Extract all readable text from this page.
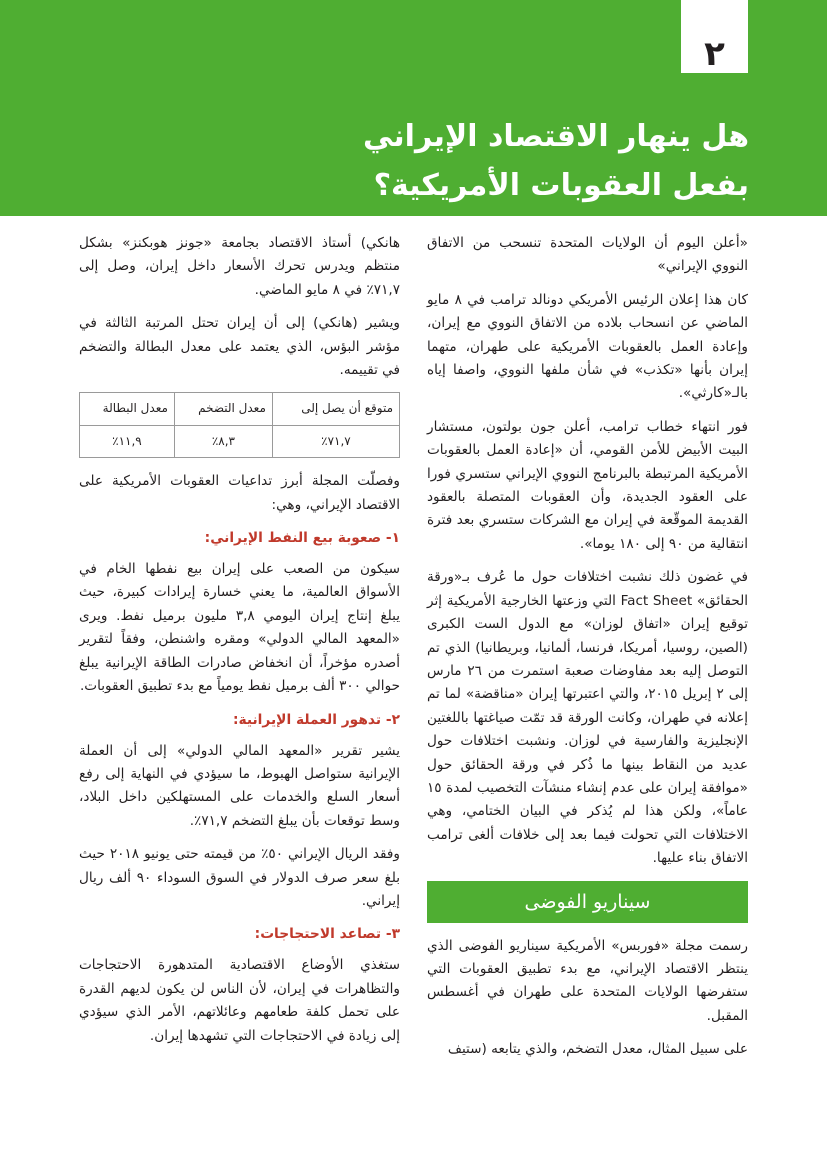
٢
هل ينهار الاقتصاد الإيراني
بفعل العقوبات الأمريكية؟

«أعلن اليوم أن الولايات المتحدة تنسحب من الاتفاق النووي الإيراني»

كان هذا إعلان الرئيس الأمريكي دونالد ترامب في ٨ مايو الماضي عن انسحاب بلاده من الاتفاق النووي مع إيران، وإعادة العمل بالعقوبات الأمريكية على طهران، متهما إيران بأنها «تكذب» في شأن ملفها النووي، واصفا إياه بالـ«كارثي».

فور انتهاء خطاب ترامب، أعلن جون بولتون، مستشار البيت الأبيض للأمن القومي، أن «إعادة العمل بالعقوبات الأمريكية المرتبطة بالبرنامج النووي الإيراني ستسري فورا على العقود الجديدة، وأن العقوبات المتصلة بالعقود القديمة الموقّعة في إيران مع الشركات ستسري بعد فترة انتقالية من ٩٠ إلى ١٨٠ يوما».

في غضون ذلك نشبت اختلافات حول ما عُرف بـ«ورقة الحقائق» Fact Sheet التي وزعتها الخارجية الأمريكية إثر توقيع إيران «اتفاق لوزان» مع الدول الست الكبرى (الصين، روسيا، أمريكا، فرنسا، ألمانيا، وبريطانيا) الذي تم التوصل إليه بعد مفاوضات صعبة استمرت من ٢٦ مارس إلى ٢ إبريل ٢٠١٥، والتي اعتبرتها إيران «مناقضة» لما تم إعلانه في طهران، وكانت الورقة قد تمّت صياغتها باللغتين الإنجليزية والفارسية في لوزان. ونشبت اختلافات حول عديد من النقاط بينها ما ذُكر في ورقة الحقائق حول «موافقة إيران على عدم إنشاء منشآت التخصيب لمدة ١٥ عاماً»، ولكن هذا لم يُذكر في البيان الختامي، وهي الاختلافات التي تحولت فيما بعد إلى خلافات ألغى ترامب الاتفاق بناء عليها.

سيناريو الفوضى

رسمت مجلة «فوربس» الأمريكية سيناريو الفوضى الذي ينتظر الاقتصاد الإيراني، مع بدء تطبيق العقوبات التي ستفرضها الولايات المتحدة على طهران في أغسطس المقبل.

على سبيل المثال، معدل التضخم، والذي يتابعه (ستيف

هانكي) أستاذ الاقتصاد بجامعة «جونز هوبكنز» بشكل منتظم ويدرس تحرك الأسعار داخل إيران، وصل إلى ٧١,٧٪ في ٨ مايو الماضي.

ويشير (هانكي) إلى أن إيران تحتل المرتبة الثالثة في مؤشر البؤس، الذي يعتمد على معدل البطالة والتضخم في تقييمه.

متوقع أن يصل إلى	معدل التضخم	معدل البطالة
٧١,٧٪	٨,٣٪	١١,٩٪

وفصلّت المجلة أبرز تداعيات العقوبات الأمريكية على الاقتصاد الإيراني، وهي:

١- صعوبة بيع النفط الإيراني:

سيكون من الصعب على إيران بيع نفطها الخام في الأسواق العالمية، ما يعني خسارة إيرادات كبيرة، حيث يبلغ إنتاج إيران اليومي ٣,٨ مليون برميل نفط. ويرى «المعهد المالي الدولي» ومقره واشنطن، وفقاً لتقرير أصدره مؤخراً، أن انخفاض صادرات الطاقة الإيرانية يبلغ حوالي ٣٠٠ ألف برميل نفط يومياً مع بدء تطبيق العقوبات.

٢- تدهور العملة الإيرانية:

يشير تقرير «المعهد المالي الدولي» إلى أن العملة الإيرانية ستواصل الهبوط، ما سيؤدي في النهاية إلى رفع أسعار السلع والخدمات على المستهلكين داخل البلاد، وسط توقعات بأن يبلغ التضخم ٧١,٧٪.

وفقد الريال الإيراني ٥٠٪ من قيمته حتى يونيو ٢٠١٨ حيث بلغ سعر صرف الدولار في السوق السوداء ٩٠ ألف ريال إيراني.

٣- تصاعد الاحتجاجات:

ستغذي الأوضاع الاقتصادية المتدهورة الاحتجاجات والتظاهرات في إيران، لأن الناس لن يكون لديهم القدرة على تحمل كلفة طعامهم وعائلاتهم، الأمر الذي سيؤدي إلى زيادة في الاحتجاجات التي تشهدها إيران.
